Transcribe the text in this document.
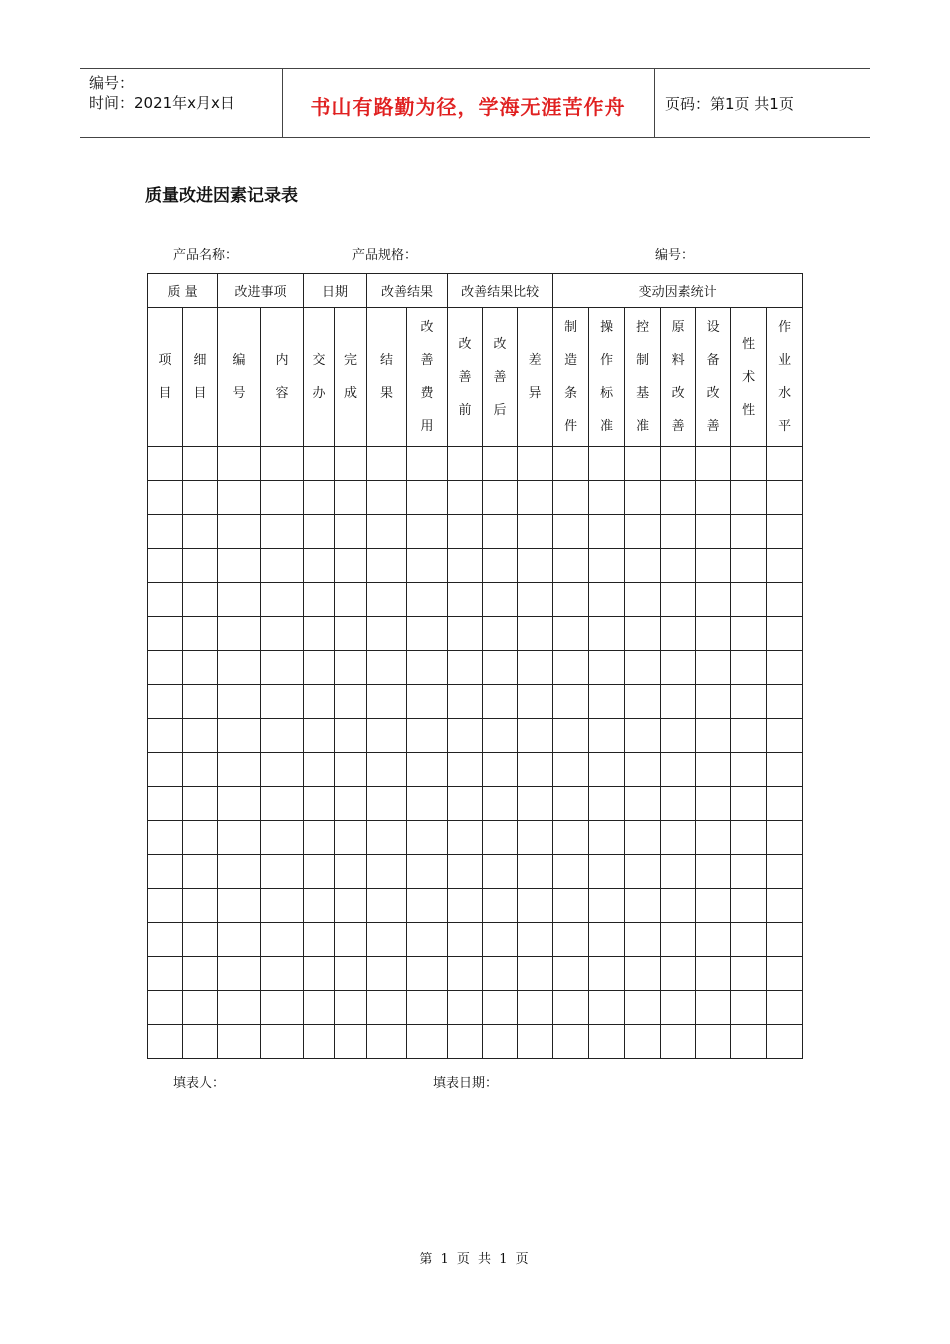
编号：
时间：2021年x月x日	书山有路勤为径，学海无涯苦作舟	页码：第1页 共1页
质量改进因素记录表
产品名称：	产品规格：	编号：
质 量		改进事项		日期		改善结果		改善结果比较			变动因素统计						

项目	细目	编号	内容	交办	完成	结果	改善费用	改善前	改善后	差异	制造条件	操作标准	控制基准	原料改善	设备改善	性术性	作业水平

填表人：	填表日期：
第 1 页 共 1 页
